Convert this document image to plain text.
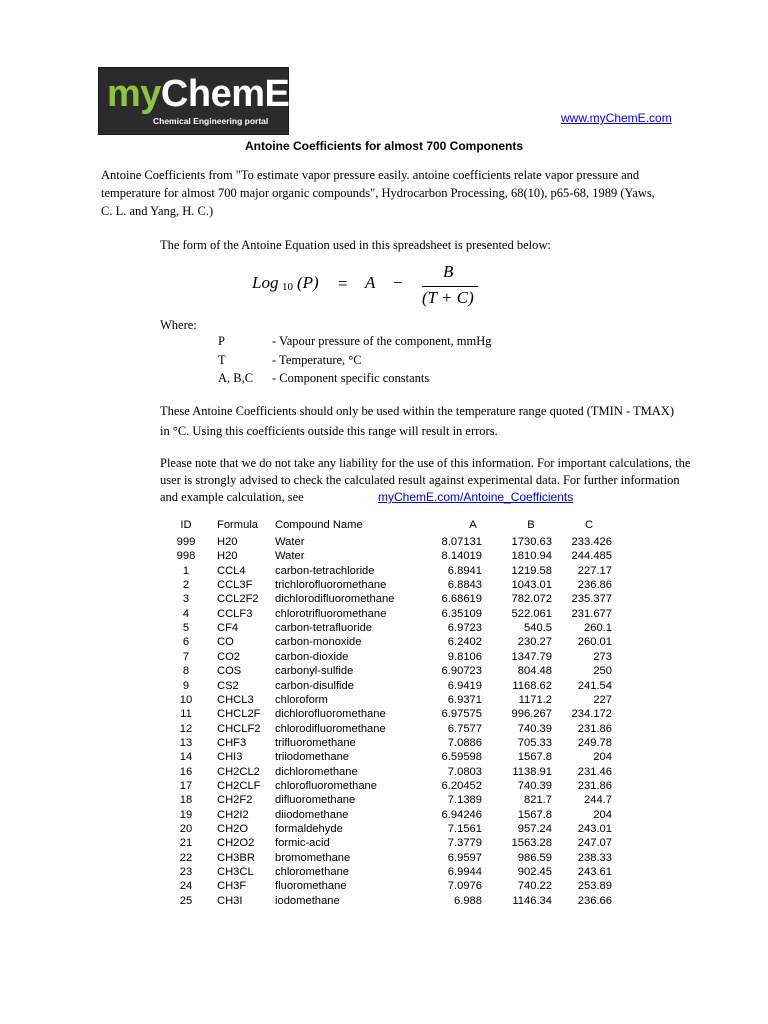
myChemE
Chemical Engineering portal	www.myChemE.com
Antoine Coefficients for almost 700 Components
Antoine Coefficients from "To estimate vapor pressure easily. antoine coefficients relate vapor pressure and
temperature for almost 700 major organic compounds", Hydrocarbon Processing, 68(10), p65-68, 1989 (Yaws,
C. L. and Yang, H. C.)
The form of the Antoine Equation used in this spreadsheet is presented below:
Log 10 (P) = A −
B
(T + C)
Where:
P	- Vapour pressure of the component, mmHg
T	- Temperature, °C
A, B,C - Component specific constants
These Antoine Coefficients should only be used within the temperature range quoted (TMIN - TMAX)
in °C. Using this coefficients outside this range will result in errors.
Please note that we do not take any liability for the use of this information. For important calculations, the
user is strongly advised to check the calculated result against experimental data. For further information
and example calculation, see	myChemE.com/Antoine_Coefficients
ID	Formula Compound Name	A	B	C
999	H20	Water	8.07131	1730.63	233.426
998	H20	Water	8.14019	1810.94	244.485
1	CCL4	carbon-tetrachloride	6.8941	1219.58	227.17
2	CCL3F trichlorofluoromethane	6.8843	1043.01	236.86
3	CCL2F2 dichlorodifluoromethane	6.68619	782.072	235.377
4	CCLF3 chlorotrifluoromethane	6.35109	522.061	231.677
5	CF4	carbon-tetrafluoride	6.9723	540.5	260.1
6	CO	carbon-monoxide	6.2402	230.27	260.01
7	CO2	carbon-dioxide	9.8106	1347.79	273
8	COS	carbonyl-sulfide	6.90723	804.48	250
9	CS2	carbon-disulfide	6.9419	1168.62	241.54
10	CHCL3 chloroform	6.9371	1171.2	227
11	CHCL2F dichlorofluoromethane	6.97575	996.267	234.172
12	CHCLF2 chlorodifluoromethane	6.7577	740.39	231.86
13	CHF3	trifluoromethane	7.0886	705.33	249.78
14	CHI3	triiodomethane	6.59598	1567.8	204
16	CH2CL2 dichloromethane	7.0803	1138.91	231.46
17	CH2CLF chlorofluoromethane	6.20452	740.39	231.86
18	CH2F2 difluoromethane	7.1389	821.7	244.7
19	CH2I2 diiodomethane	6.94246	1567.8	204
20	CH2O formaldehyde	7.1561	957.24	243.01
21	CH2O2 formic-acid	7.3779	1563.28	247.07
22	CH3BR bromomethane	6.9597	986.59	238.33
23	CH3CL chloromethane	6.9944	902.45	243.61
24	CH3F	fluoromethane	7.0976	740.22	253.89
25	CH3I	iodomethane	6.988	1146.34	236.66
